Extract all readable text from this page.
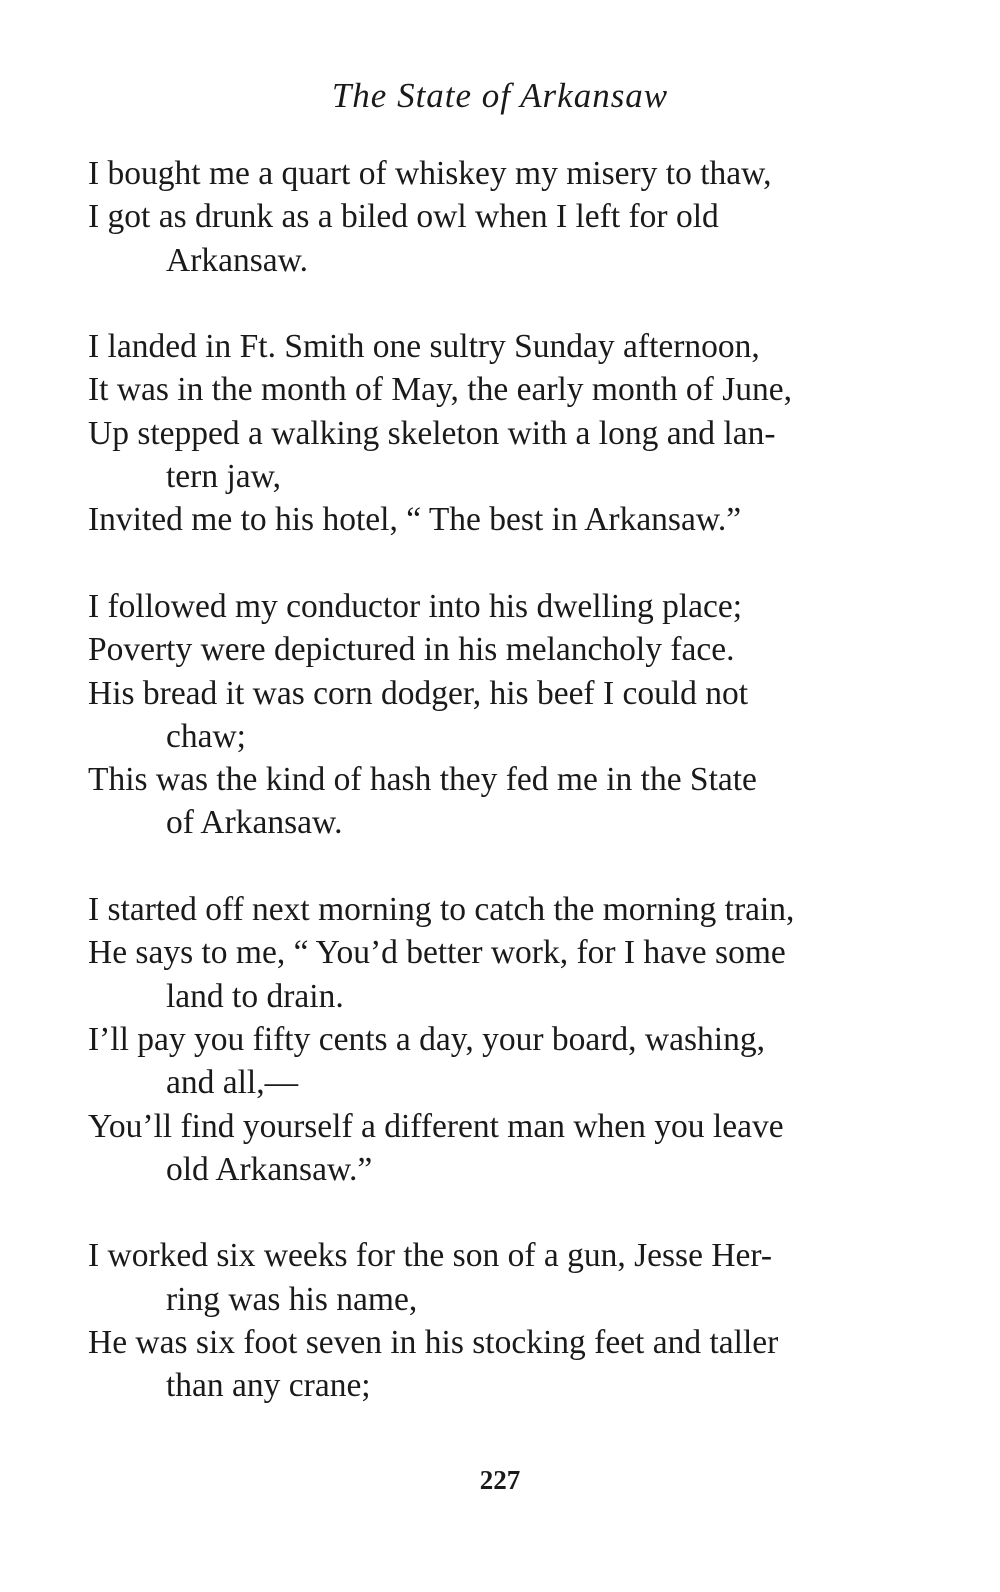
The State of Arkansaw
I bought me a quart of whiskey my misery to thaw,
I got as drunk as a biled owl when I left for old
Arkansaw.
I landed in Ft. Smith one sultry Sunday afternoon,
It was in the month of May, the early month of June,
Up stepped a walking skeleton with a long and lan-
tern jaw,
Invited me to his hotel, “ The best in Arkansaw.”
I followed my conductor into his dwelling place;
Poverty were depictured in his melancholy face.
His bread it was corn dodger, his beef I could not
chaw;
This was the kind of hash they fed me in the State
of Arkansaw.
I started off next morning to catch the morning train,
He says to me, “ You’d better work, for I have some
land to drain.
I’ll pay you fifty cents a day, your board, washing,
and all,—
You’ll find yourself a different man when you leave
old Arkansaw.”
I worked six weeks for the son of a gun, Jesse Her-
ring was his name,
He was six foot seven in his stocking feet and taller
than any crane;
227
